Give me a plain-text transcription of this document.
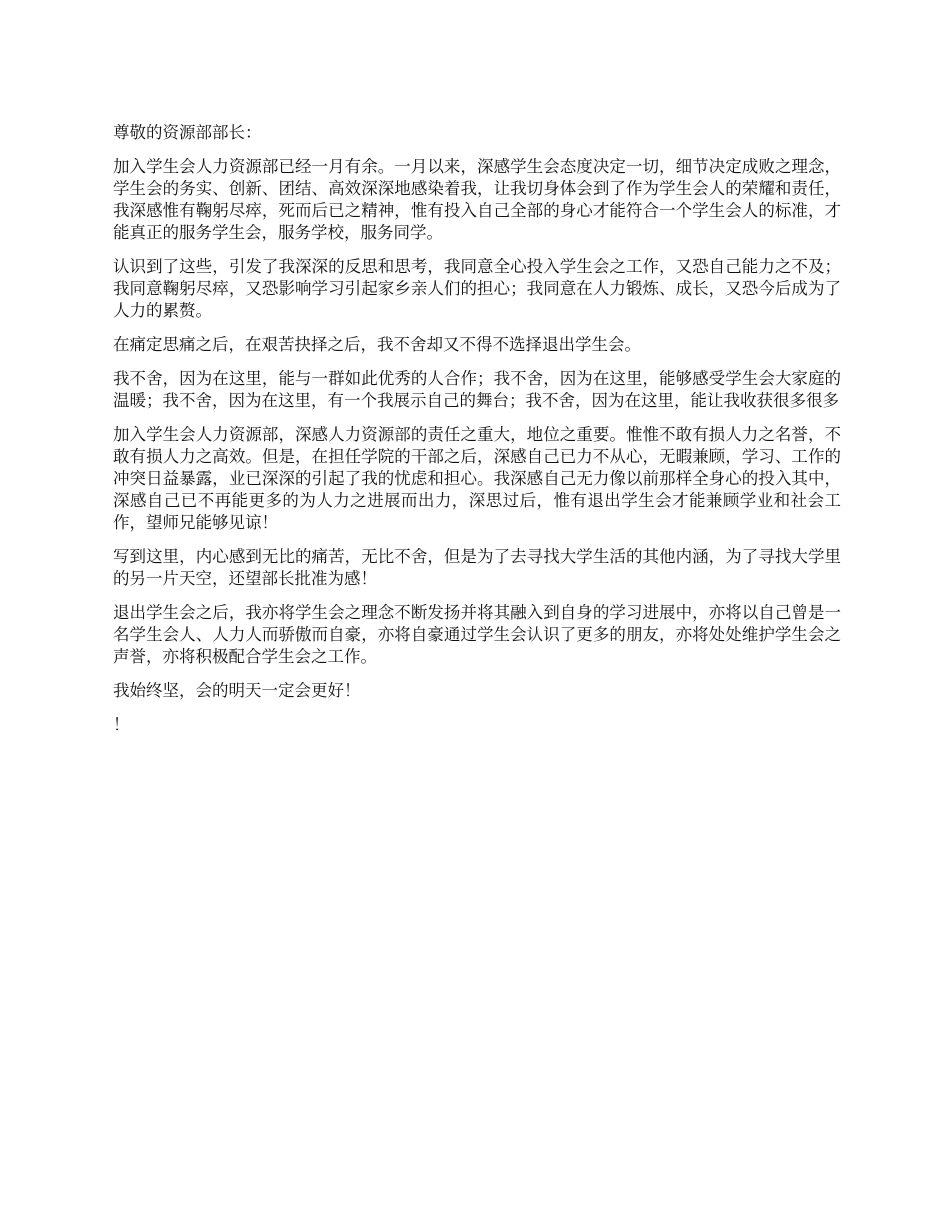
尊敬的资源部部长：

加入学生会人力资源部已经一月有余。一月以来，深感学生会态度决定一切，细节决定成败之理念，学生会的务实、创新、团结、高效深深地感染着我，让我切身体会到了作为学生会人的荣耀和责任，我深感惟有鞠躬尽瘁，死而后已之精神，惟有投入自己全部的身心才能符合一个学生会人的标准，才能真正的服务学生会，服务学校，服务同学。

认识到了这些，引发了我深深的反思和思考，我同意全心投入学生会之工作，又恐自己能力之不及；我同意鞠躬尽瘁，又恐影响学习引起家乡亲人们的担心；我同意在人力锻炼、成长，又恐今后成为了人力的累赘。

在痛定思痛之后，在艰苦抉择之后，我不舍却又不得不选择退出学生会。

我不舍，因为在这里，能与一群如此优秀的人合作；我不舍，因为在这里，能够感受学生会大家庭的温暖；我不舍，因为在这里，有一个我展示自己的舞台；我不舍，因为在这里，能让我收获很多很多

加入学生会人力资源部，深感人力资源部的责任之重大，地位之重要。惟惟不敢有损人力之名誉，不敢有损人力之高效。但是，在担任学院的干部之后，深感自己已力不从心，无暇兼顾，学习、工作的冲突日益暴露，业已深深的引起了我的忧虑和担心。我深感自己无力像以前那样全身心的投入其中，深感自己已不再能更多的为人力之进展而出力，深思过后，惟有退出学生会才能兼顾学业和社会工作，望师兄能够见谅！

写到这里，内心感到无比的痛苦，无比不舍，但是为了去寻找大学生活的其他内涵，为了寻找大学里的另一片天空，还望部长批准为感！

退出学生会之后，我亦将学生会之理念不断发扬并将其融入到自身的学习进展中，亦将以自己曾是一名学生会人、人力人而骄傲而自豪，亦将自豪通过学生会认识了更多的朋友，亦将处处维护学生会之声誉，亦将积极配合学生会之工作。

我始终坚，会的明天一定会更好！

！
